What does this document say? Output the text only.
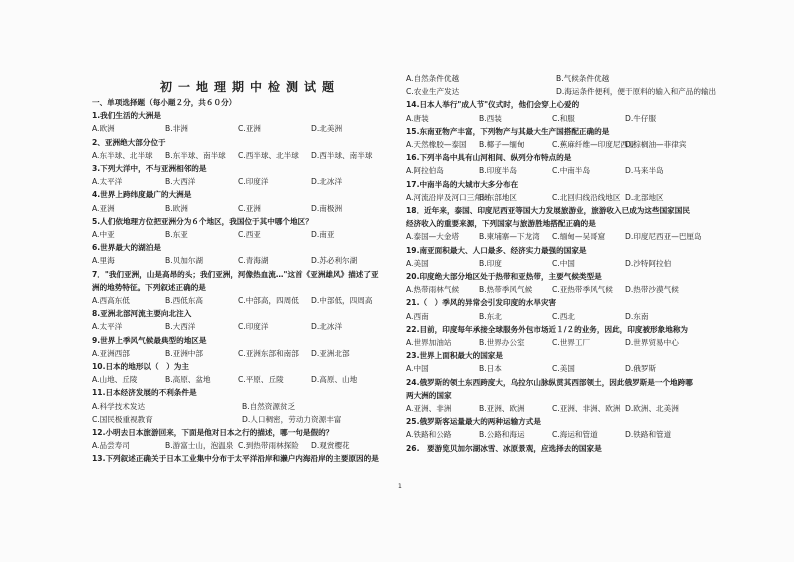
初一地理期中检测试题
一、单项选择题（每小题２分，共６０分）
1.我们生活的大洲是
A.欧洲	B.非洲	C.亚洲	D.北美洲
2、亚洲绝大部分位于
A.东半球、北半球	B.东半球、南半球	C.西半球、北半球	D.西半球、南半球
3.下列大洋中，不与亚洲相邻的是
A.太平洋	B.大西洋	C.印度洋	D.北冰洋
4.世界上跨纬度最广的大洲是
A.亚洲	B.欧洲	C.亚洲	D.南极洲
5.人们依地理方位把亚洲分为６个地区，我国位于其中哪个地区？
A.中亚	B.东亚	C.西亚	D.南亚
6.世界最大的湖泊是
A.里海	B.贝加尔湖	C.青海湖	D.苏必利尔湖
7．"我们亚洲，山是高昂的头；我们亚洲，河像热血流…"这首《亚洲雄风》描述了亚
洲的地势特征。下列叙述正确的是
A.西高东低	B.西低东高	C.中部高，四周低	D.中部低，四周高
8.亚洲北部河流主要向北注入
A.太平洋	B.大西洋	C.印度洋	D.北冰洋
9.世界上季风气候最典型的地区是
A.亚洲西部	B.亚洲中部	C.亚洲东部和南部	D.亚洲北部
10.日本的地形以（　）为主
A.山地、丘陵	B.高原、盆地	C.平原、丘陵	D.高原、山地
11.日本经济发展的不利条件是
A.科学技术发达	B.自然资源贫乏
C.国民极重视教育	D.人口稠密，劳动力资源丰富
12.小明去日本旅游回来，下面是他对日本之行的描述，哪一句是假的？
A.品尝寿司	B.游富士山，泡温泉 C.到热带雨林探险	D.观赏樱花
13.下列叙述正确关于日本工业集中分布于太平洋沿岸和濑户内海沿岸的主要原因的是
A.自然条件优越	B.气候条件优越
C.农业生产发达	D.海运条件便利，便于原料的输入和产品的输出
14.日本人举行"成人节"仪式时，他们会穿上心爱的
A.唐装	B.西装	C.和服	D.牛仔服
15.东南亚物产丰富，下列物产与其最大生产国搭配正确的是
A.天然橡胶—泰国	B.椰子—缅甸	C.蕉麻纤维—印度尼西亚
D.棕榈油—菲律宾
16.下列半岛中具有山河相间、纵列分布特点的是
A.阿拉伯岛	B.印度半岛	C.中南半岛	D.马来半岛
17.中南半岛的大城市大多分布在
A.河流沿岸及河口三角洲
B.东部地区	C.北回归线沿线地区 D.北部地区
18．近年来，泰国、印度尼西亚等国大力发展旅游业，旅游收入已成为这些国家国民
经济收入的重要来源，下列国家与旅游胜地搭配正确的是
A.泰国—大金塔	B.柬埔寨—下龙湾	C.缅甸—吴哥窟	D.印度尼西亚—巴厘岛
19.南亚面积最大、人口最多、经济实力最强的国家是
A.美国	B.印度	C.中国	D.沙特阿拉伯
20.印度绝大部分地区处于热带和亚热带，主要气候类型是
A.热带雨林气候	B.热带季风气候	C.亚热带季风气候	D.热带沙漠气候
21.（　）季风的异常会引发印度的水旱灾害
A.西南	B.东北	C.西北	D.东南
22.目前，印度每年承接全球服务外包市场近１/２的业务，因此，印度被形象地称为
A.世界加油站	B.世界办公室	C.世界工厂	D.世界贸易中心
23.世界上面积最大的国家是
A.中国	B.日本	C.美国	D.俄罗斯
24.俄罗斯的领土东西跨度大，乌拉尔山脉纵贯其西部领土，因此俄罗斯是一个地跨哪
两大洲的国家
A.亚洲、非洲	B.亚洲、欧洲	C.亚洲、非洲、欧洲 D.欧洲、北美洲
25.俄罗斯客运量最大的两种运输方式是
A.铁路和公路	B.公路和海运	C.海运和管道	D.铁路和管道
26.　要游览贝加尔湖冰雪、冰原景观，应选择去的国家是
1
